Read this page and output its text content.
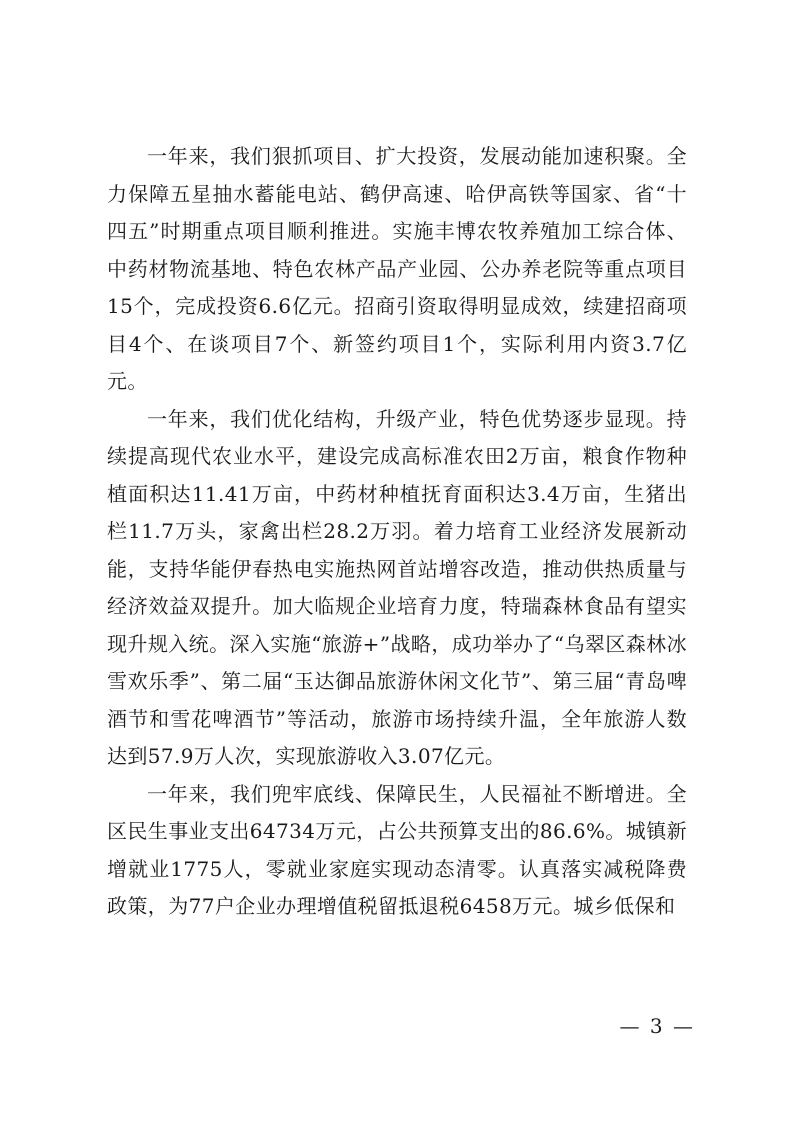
一年来，我们狠抓项目、扩大投资，发展动能加速积聚。全力保障五星抽水蓄能电站、鹤伊高速、哈伊高铁等国家、省“十四五”时期重点项目顺利推进。实施丰博农牧养殖加工综合体、中药材物流基地、特色农林产品产业园、公办养老院等重点项目15个，完成投资6.6亿元。招商引资取得明显成效，续建招商项目4个、在谈项目7个、新签约项目1个，实际利用内资3.7亿元。

一年来，我们优化结构，升级产业，特色优势逐步显现。持续提高现代农业水平，建设完成高标准农田2万亩，粮食作物种植面积达11.41万亩，中药材种植抚育面积达3.4万亩，生猪出栏11.7万头，家禽出栏28.2万羽。着力培育工业经济发展新动能，支持华能伊春热电实施热网首站增容改造，推动供热质量与经济效益双提升。加大临规企业培育力度，特瑞森林食品有望实现升规入统。深入实施“旅游+”战略，成功举办了“乌翠区森林冰雪欢乐季”、第二届“玉达御品旅游休闲文化节”、第三届“青岛啤酒节和雪花啤酒节”等活动，旅游市场持续升温，全年旅游人数达到57.9万人次，实现旅游收入3.07亿元。

一年来，我们兜牢底线、保障民生，人民福祉不断增进。全区民生事业支出64734万元，占公共预算支出的86.6%。城镇新增就业1775人，零就业家庭实现动态清零。认真落实减税降费政策，为77户企业办理增值税留抵退税6458万元。城乡低保和

— 3 —
